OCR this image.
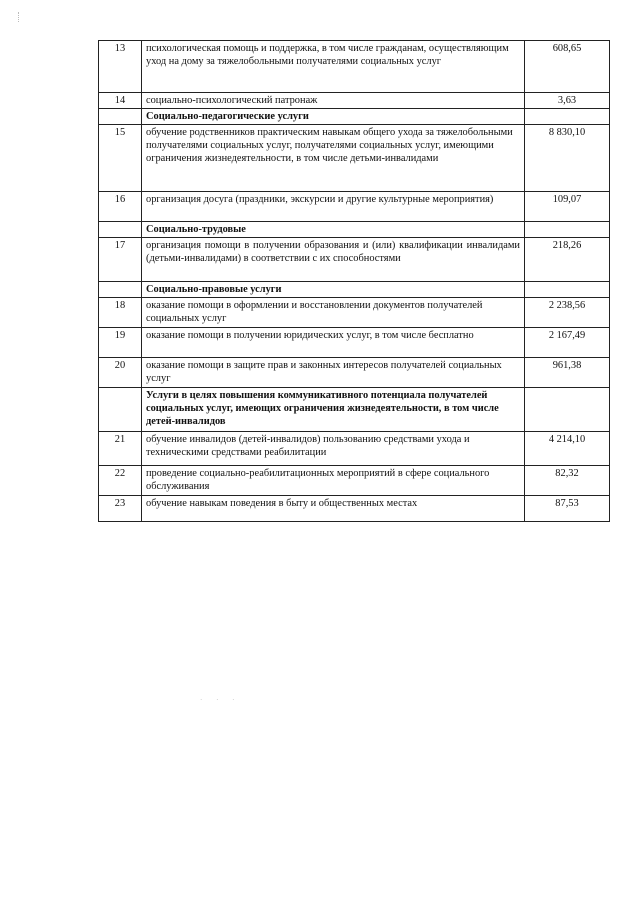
13	психологическая помощь и поддержка, в том числе гражданам, осуществляющим уход на дому за тяжелобольными получателями социальных услуг	608,65
14	социально-психологический патронаж	3,63
	Социально-педагогические услуги	
15	обучение родственников практическим навыкам общего ухода за тяжелобольными получателями социальных услуг, получателями социальных услуг, имеющими ограничения жизнедеятельности, в том числе детьми-инвалидами	8 830,10
16	организация досуга (праздники, экскурсии и другие культурные мероприятия)	109,07
	Социально-трудовые	
17	организация помощи в получении образования и (или) квалификации инвалидами (детьми-инвалидами) в соответствии с их способностями	218,26
	Социально-правовые услуги	
18	оказание помощи в оформлении и восстановлении документов получателей социальных услуг	2 238,56
19	оказание помощи в получении юридических услуг, в том числе бесплатно	2 167,49
20	оказание помощи в защите прав и законных интересов получателей социальных услуг	961,38
	Услуги в целях повышения коммуникативного потенциала получателей социальных услуг, имеющих ограничения жизнедеятельности, в том числе детей-инвалидов	
21	обучение инвалидов (детей-инвалидов) пользованию средствами ухода и техническими средствами реабилитации	4 214,10
22	проведение социально-реабилитационных мероприятий в сфере социального обслуживания	82,32
23	обучение навыкам поведения в быту и общественных местах	87,53
· · ·
